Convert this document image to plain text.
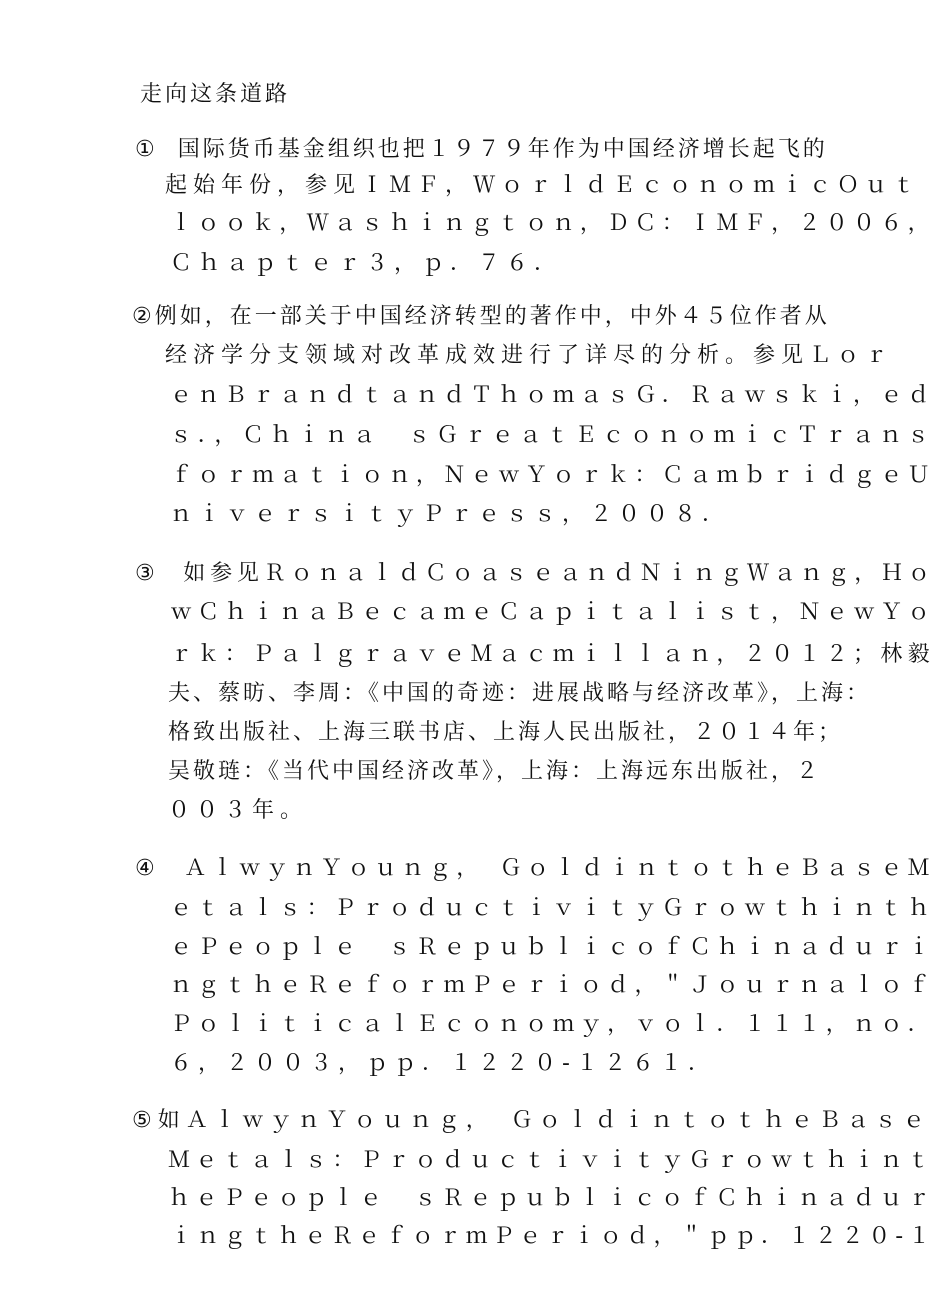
走向这条道路
①  国际货币基金组织也把１９７９年作为中国经济增长起飞的
起始年份，参见ＩＭＦ，ＷｏｒｌｄＥｃｏｎｏｍｉｃＯｕｔ
ｌｏｏｋ，Ｗａｓｈｉｎｇｔｏｎ，ＤＣ：ＩＭＦ，２００６，
Ｃｈａｐｔｅｒ３，ｐ．７６．
②例如，在一部关于中国经济转型的著作中，中外４５位作者从
经济学分支领域对改革成效进行了详尽的分析。参见Ｌｏｒ
ｅｎＢｒａｎｄｔａｎｄＴｈｏｍａｓＧ．Ｒａｗｓｋｉ，ｅｄ
ｓ．，Ｃｈｉｎａ　ｓＧｒｅａｔＥｃｏｎｏｍｉｃＴｒａｎｓ
ｆｏｒｍａｔｉｏｎ，ＮｅｗＹｏｒｋ：ＣａｍｂｒｉｄｇｅＵ
ｎｉｖｅｒｓｉｔｙＰｒｅｓｓ，２００８．
③  如参见ＲｏｎａｌｄＣｏａｓｅａｎｄＮｉｎｇＷａｎｇ，Ｈｏ
ｗＣｈｉｎａＢｅｃａｍｅＣａｐｉｔａｌｉｓｔ，ＮｅｗＹｏ
ｒｋ：ＰａｌｇｒａｖｅＭａｃｍｉｌｌａｎ，２０１２；林毅
夫、蔡昉、李周：《中国的奇迹：进展战略与经济改革》，上海：
格致出版社、上海三联书店、上海人民出版社，２０１４年；
吴敬琏：《当代中国经济改革》，上海：上海远东出版社，２
００３年。
④  ＡｌｗｙｎＹｏｕｎｇ，　ＧｏｌｄｉｎｔｏｔｈｅＢａｓｅＭ
ｅｔａｌｓ：ＰｒｏｄｕｃｔｉｖｉｔｙＧｒｏｗｔｈｉｎｔｈ
ｅＰｅｏｐｌｅ　ｓＲｅｐｕｂｌｉｃｏｆＣｈｉｎａｄｕｒｉ
ｎｇｔｈｅＲｅｆｏｒｍＰｅｒｉｏｄ，＂Ｊｏｕｒｎａｌｏｆ
ＰｏｌｉｔｉｃａｌＥｃｏｎｏｍｙ，ｖｏｌ．１１１，ｎｏ．
６，２００３，ｐｐ．１２２０-１２６１．
⑤如ＡｌｗｙｎＹｏｕｎｇ，　ＧｏｌｄｉｎｔｏｔｈｅＢａｓｅ
Ｍｅｔａｌｓ：ＰｒｏｄｕｃｔｉｖｉｔｙＧｒｏｗｔｈｉｎｔ
ｈｅＰｅｏｐｌｅ　ｓＲｅｐｕｂｌｉｃｏｆＣｈｉｎａｄｕｒ
ｉｎｇｔｈｅＲｅｆｏｒｍＰｅｒｉｏｄ，＂ｐｐ．１２２０-１
